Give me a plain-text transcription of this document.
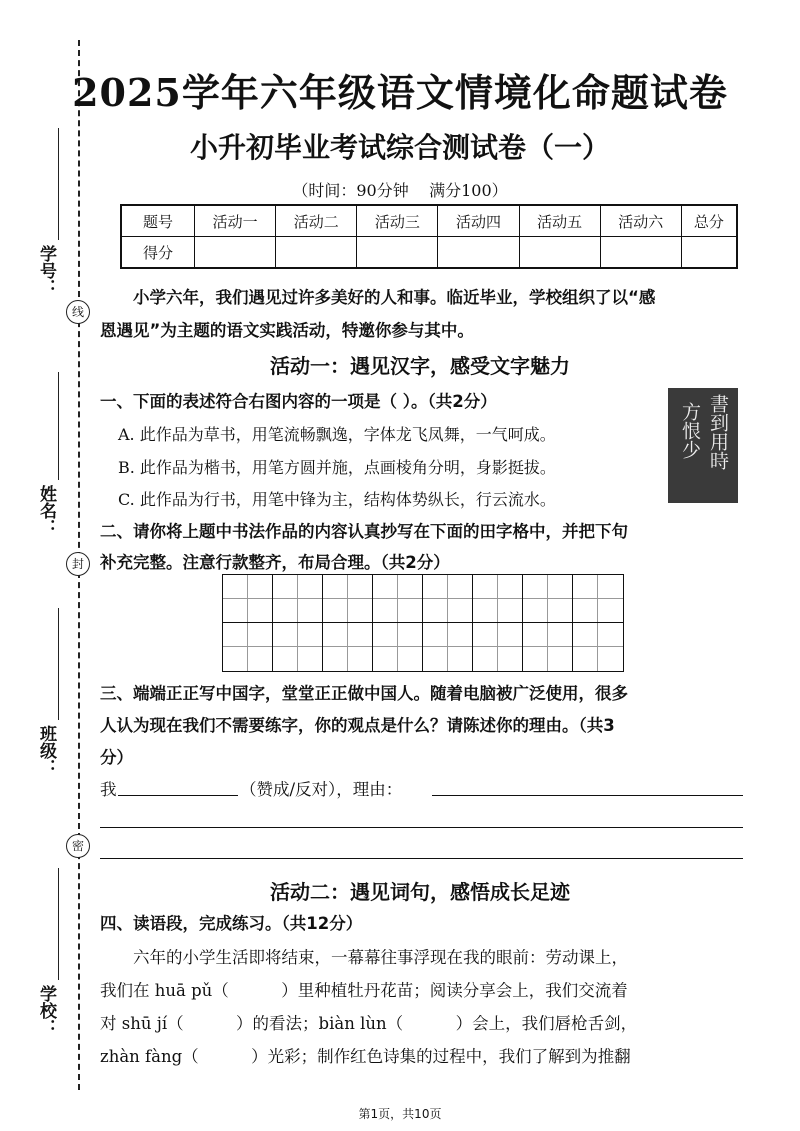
线
封
密
学号：
姓名：
班级：
学校：
2025学年六年级语文情境化命题试卷
小升初毕业考试综合测试卷（一）
（时间：90分钟    满分100）
题号	活动一	活动二	活动三	活动四	活动五	活动六	总分
得分							
小学六年，我们遇见过许多美好的人和事。临近毕业，学校组织了以“感
恩遇见”为主题的语文实践活动，特邀你参与其中。
活动一：遇见汉字，感受文字魅力
一、下面的表述符合右图内容的一项是（ ）。（共2分）
A. 此作品为草书，用笔流畅飘逸，字体龙飞凤舞，一气呵成。
B. 此作品为楷书，用笔方圆并施，点画棱角分明，身影挺拔。
C. 此作品为行书，用笔中锋为主，结构体势纵长，行云流水。
書到用時
方恨少
二、请你将上题中书法作品的内容认真抄写在下面的田字格中，并把下句
补充完整。注意行款整齐，布局合理。（共2分）
三、端端正正写中国字，堂堂正正做中国人。随着电脑被广泛使用，很多
人认为现在我们不需要练字，你的观点是什么？请陈述你的理由。（共3
分）
我	（赞成/反对），理由：
活动二：遇见词句，感悟成长足迹
四、读语段，完成练习。（共12分）
六年的小学生活即将结束，一幕幕往事浮现在我的眼前：劳动课上，
我们在 huā pǔ（          ）里种植牡丹花苗；阅读分享会上，我们交流着
对 shū jí（          ）的看法；biàn lùn（          ）会上，我们唇枪舌剑，
zhàn fàng（          ）光彩；制作红色诗集的过程中，我们了解到为推翻
第1页，共10页
